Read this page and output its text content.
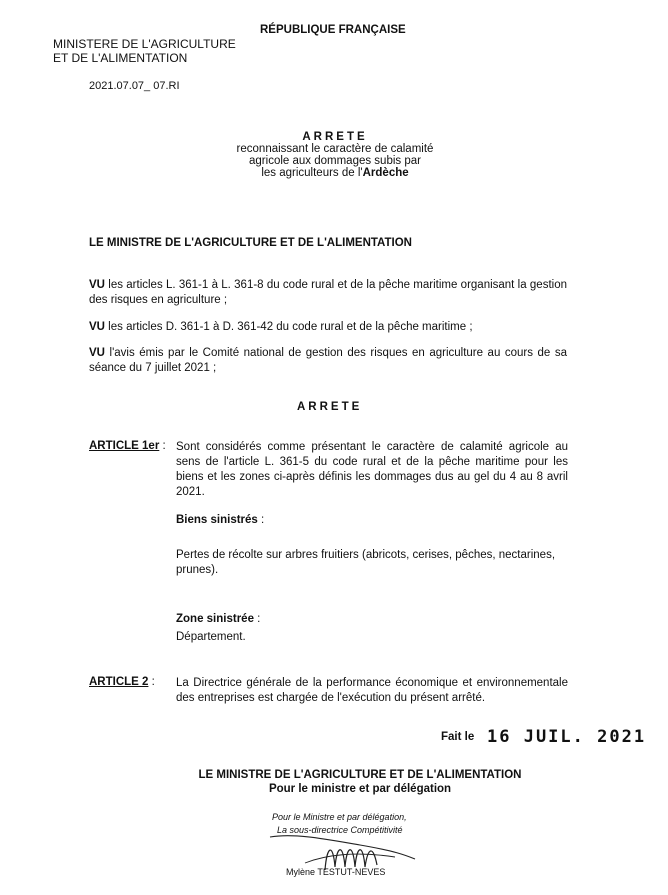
RÉPUBLIQUE FRANÇAISE
MINISTERE DE L'AGRICULTURE
ET DE L'ALIMENTATION
2021.07.07_ 07.RI
ARRETE
reconnaissant le caractère de calamité
agricole aux dommages subis par
les agriculteurs de l'Ardèche
LE MINISTRE DE L'AGRICULTURE ET DE L'ALIMENTATION
VU les articles L. 361-1 à L. 361-8 du code rural et de la pêche maritime organisant la gestion des risques en agriculture ;
VU les articles D. 361-1 à D. 361-42 du code rural et de la pêche maritime ;
VU l'avis émis par le Comité national de gestion des risques en agriculture au cours de sa séance du 7 juillet 2021 ;
ARRETE
ARTICLE 1er : Sont considérés comme présentant le caractère de calamité agricole au sens de l'article L. 361-5 du code rural et de la pêche maritime pour les biens et les zones ci-après définis les dommages dus au gel du 4 au 8 avril 2021.
Biens sinistrés :
Pertes de récolte sur arbres fruitiers (abricots, cerises, pêches, nectarines, prunes).
Zone sinistrée :
Département.
ARTICLE 2 : La Directrice générale de la performance économique et environnementale des entreprises est chargée de l'exécution du présent arrêté.
Fait le 16 JUIL. 2021
LE MINISTRE DE L'AGRICULTURE ET DE L'ALIMENTATION
Pour le ministre et par délégation
Pour le Ministre et par délégation,
La sous-directrice Compétitivité
Mylène TESTUT-NEVES
